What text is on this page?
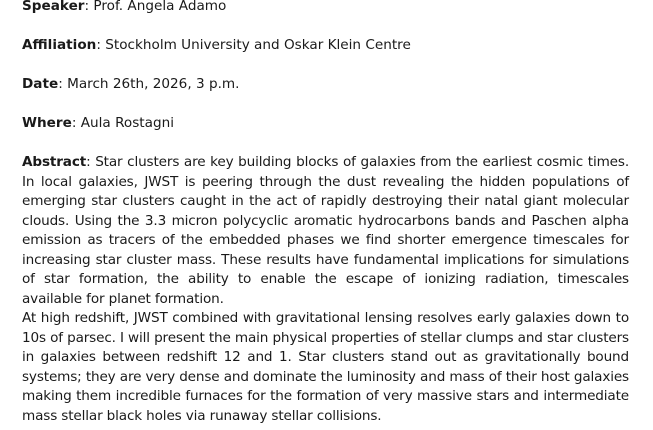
Speaker: Prof. Angela Adamo
Affiliation: Stockholm University and Oskar Klein Centre
Date: March 26th, 2026, 3 p.m.
Where: Aula Rostagni

Abstract: Star clusters are key building blocks of galaxies from the earliest cosmic times. In local galaxies, JWST is peering through the dust revealing the hidden populations of emerging star clusters caught in the act of rapidly destroying their natal giant molecular clouds. Using the 3.3 micron polycyclic aromatic hydrocarbons bands and Paschen alpha emission as tracers of the embedded phases we find shorter emergence timescales for increasing star cluster mass. These results have fundamental implications for simulations of star formation, the ability to enable the escape of ionizing radiation, timescales available for planet formation.

At high redshift, JWST combined with gravitational lensing resolves early galaxies down to 10s of parsec. I will present the main physical properties of stellar clumps and star clusters in galaxies between redshift 12 and 1. Star clusters stand out as gravitationally bound systems; they are very dense and dominate the luminosity and mass of their host galaxies making them incredible furnaces for the formation of very massive stars and intermediate mass stellar black holes via runaway stellar collisions.
